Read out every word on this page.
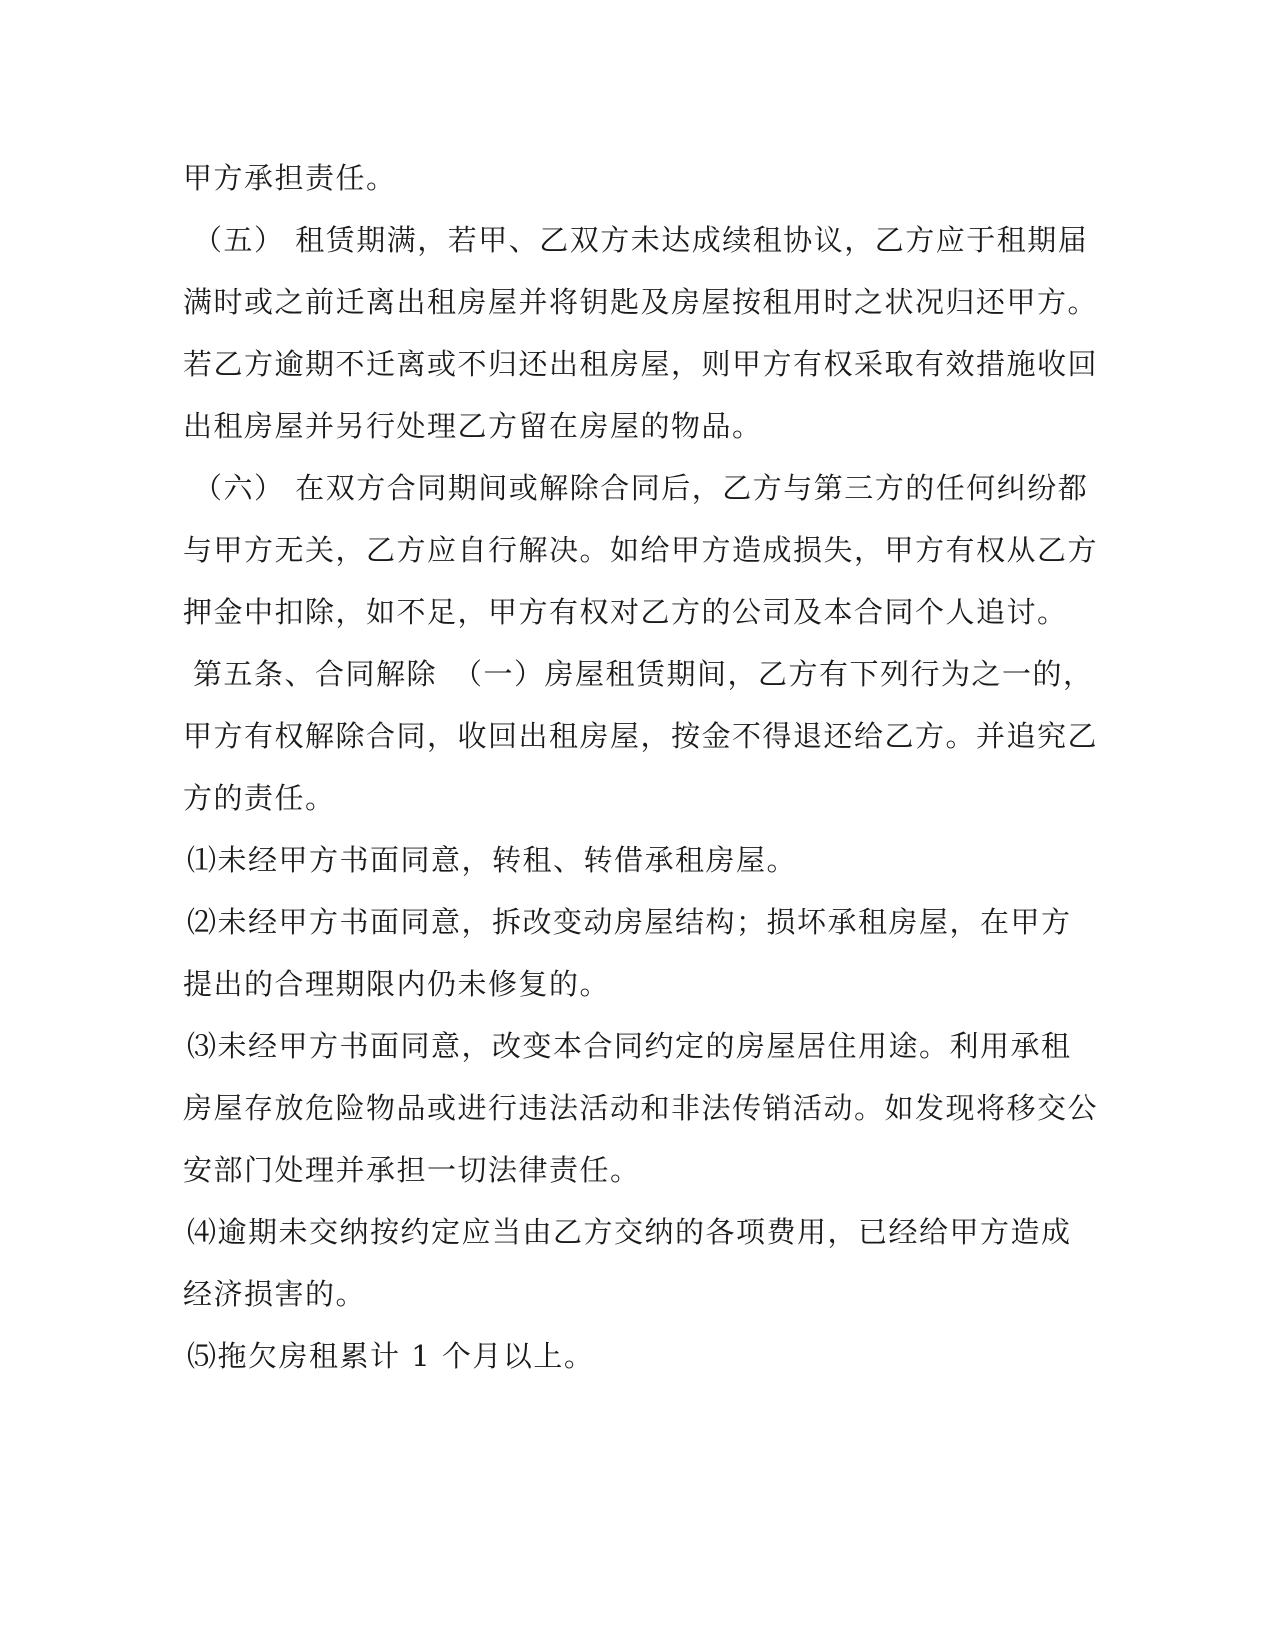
甲方承担责任。
（五） 租赁期满，若甲、乙双方未达成续租协议，乙方应于租期届
满时或之前迁离出租房屋并将钥匙及房屋按租用时之状况归还甲方。
若乙方逾期不迁离或不归还出租房屋，则甲方有权采取有效措施收回
出租房屋并另行处理乙方留在房屋的物品。
（六） 在双方合同期间或解除合同后，乙方与第三方的任何纠纷都
与甲方无关，乙方应自行解决。如给甲方造成损失，甲方有权从乙方
押金中扣除，如不足，甲方有权对乙方的公司及本合同个人追讨。
第五条、合同解除　（一）房屋租赁期间，乙方有下列行为之一的，
甲方有权解除合同，收回出租房屋，按金不得退还给乙方。并追究乙
方的责任。
⑴未经甲方书面同意，转租、转借承租房屋。
⑵未经甲方书面同意，拆改变动房屋结构；损坏承租房屋，在甲方
提出的合理期限内仍未修复的。
⑶未经甲方书面同意，改变本合同约定的房屋居住用途。利用承租
房屋存放危险物品或进行违法活动和非法传销活动。如发现将移交公
安部门处理并承担一切法律责任。
⑷逾期未交纳按约定应当由乙方交纳的各项费用，已经给甲方造成
经济损害的。
⑸拖欠房租累计 1 个月以上。
